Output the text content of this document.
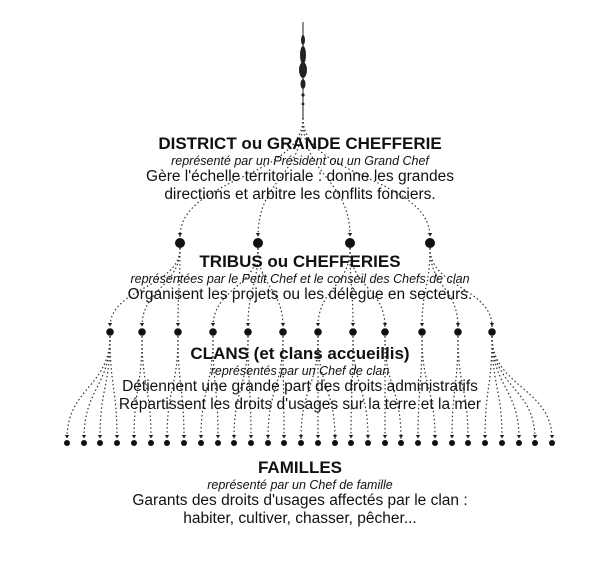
DISTRICT ou GRANDE CHEFFERIE
représenté par un Président ou un Grand Chef
Gère l'échelle territoriale : donne les grandes
directions et arbitre les conflits fonciers.
TRIBUS ou CHEFFERIES
représentées par le Petit Chef et le conseil des Chefs de clan
Organisent les projets ou les délègue en secteurs.
CLANS (et clans accueillis)
représentés par un Chef de clan
Détiennent une grande part des droits administratifs
Répartissent les droits d'usages sur la terre et la mer
FAMILLES
représenté par un Chef de famille
Garants des droits d'usages affectés par le clan :
habiter, cultiver, chasser, pêcher...
